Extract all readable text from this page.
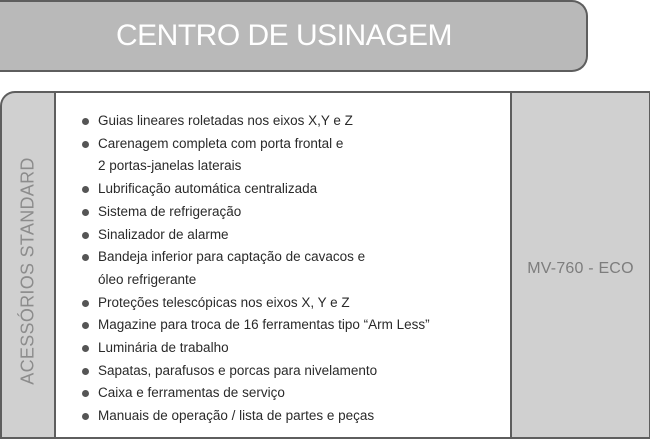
CENTRO DE USINAGEM
ACESSÓRIOS STANDARD
Guias lineares roletadas nos eixos X,Y e Z
Carenagem completa com porta frontal e
2 portas-janelas laterais
Lubrificação automática centralizada
Sistema de refrigeração
Sinalizador de alarme
Bandeja inferior para captação de cavacos e
óleo refrigerante
Proteções telescópicas nos eixos X, Y e Z
Magazine para troca de 16 ferramentas tipo “Arm Less”
Luminária de trabalho
Sapatas, parafusos e porcas para nivelamento
Caixa e ferramentas de serviço
Manuais de operação / lista de partes e peças
MV-760 - ECO
